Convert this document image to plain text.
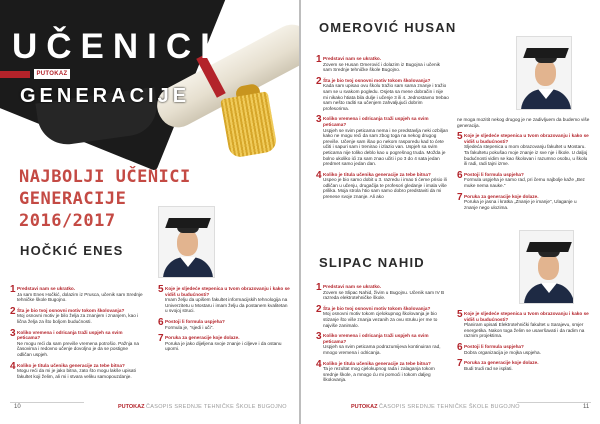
UČENICI
PUTOKAZ
GENERACIJE
NAJBOLJI UČENICI GENERACIJE
2016/2017
HOČKIĆ ENES
1 Predstavi nam se ukratko.
Ja sam Enes Hočkić, dolazim iz Prusca, učenik sam Srednje tehničke škole Bugojno.
2 Šta je bio tvoj osnovni motiv tokom školovanja?
Moj osnovni motiv je bilo želja za znanjem i znanjem, kao i lična želja za što boljom budućnosti.
3 Koliko vremena i odricanja traži uspjeh sa svim peticama?
Ne mogu reći da sam previše vremena potrošio. Pažnja na časovima i redovno učenje dovoljno je da se postigne odličan uspjeh.
4 Koliko je titula učenika generacije za tebe bitna?
Mogu reći da mi je jako bitna, zato što mogu lakše upisati fakultet koji želim, ali mi i stvara veliku samopouzdanje.
5 Koje je sljedeće stepenica u tvom obrazovanju i kako se vidiš u budućnosti?
Imam želju da upišem fakultet informacijskih tehnologija na Univerzitetu u Mostaru i imam želju da postanem kvalitetan u svojoj struci.
6 Postoji li formula uspjeha?
Formula je, "sjedi i uči".
7 Poruka za generacije koje dolaze.
Poruka je jako dijeljena svoje znanje i ciljeve i da ostanu uporni.
10	PUTOKAZ ČASOPIS SREDNJE TEHNIČKE ŠKOLE BUGOJNO
OMEROVIĆ HUSAN
1 Predstavi nam se ukratko.
Zovem se Husan Omerović i dolazim iz Bugojna i učenik sam Srednje tehničke škole Bugojno.
2 Šta je bio tvoj osnovni motiv tokom školovanja?
Kada sam upisao ovu školu tražio sam sama znanje i tražio sam se u svakom pogledu. Osjeta sa mene dobračin i nije mi nikako htiata bila dulje i učenje 3 ili 4. Jednostavno trebao sam nešto raditi sa učenjem zahvaljujući dobrim profesorima.
3 Koliko vremena i odricanja traži uspjeh sa svim peticama?
Uspjeh se svim peticama nema i ne predstavlja neki ozbiljan kako ne mogu reći da sam zbog toga na nekog drugog previše. Učenje sam išao po nekom rasporedu kad to ćete učiti i sapuri sam i trenirao i izlazio van. Uspjeh sa svim peticama nije toliko deblo kao u pogrešnog truda. Možda je bolno ukoliko ići za sam znao učiti i po 3 do 4 sata jedan predmet samo jedan dan.
4 Koliko je titula učenika generacije za tebe bitna?
Uspeo je bio samo dobit u 3. razredu i imao ti ćeme prisio ili odličan u učenju, drugačija te profesori gledanje i imala više prilika. Moja strola htio sam samo dobro predstaviti da mi prenese svoje znanje. Ali ako
ne moga mozitit nekog drugog je ne zadivljuem da budemo više generacija.
5 Koje je sljedeće stepenica u tvom obrazovanju i kako se vidiš u budućnosti?
Sljedeća stepenica u mom obrazovanju fakultet u Mostaru. Ta fakultetu pokušao moje znanje iz sve nje i škole. U daljoj budućnosti vidim se kao školovan i razumno osobu, u školu ili radi, radi tajni izme.
6 Postoji li formula uspjeha?
Formula uspjeha je samo rad, pri čemu najbolje kaže „Bez muke nema nauke.”
7 Poruka za generacije koje dolaze.
Poruka je jasna i kratka „Znanje je imanje”, Ulaganje u znanje nego ulozima.
SLIPAC NAHID
1 Predstavi nam se ukratko.
Zovem se Slipac Nahid, živim u Bugojnu. Učenik sam IV B razreda elektrotehničke škole.
2 Šta je bio tvoj osnovni motiv tokom školovanja?
Moj osnovni motiv tokom cjelokupnog školovanja je bio stizanje što više znanja vezanih za ovu struku jer me to najviše zanimalo.
3 Koliko vremena i odricanja traži uspjeh sa svim peticama?
Uspjeh sa svim peticama podrazumijeva kontinuiran rad, mnogo vremena i odricanja.
4 Koliko je titula učenika generacije za tebe bitna?
Ta je rezultat mog cjelokupnog rada i zalaganja tokom srednje škole, a mnogo ću mi pomoći i tokom daljeg školovanja.
5 Koje je sljedeće stepenica u tvom obrazovanju i kako se vidiš u budućnosti?
Planiram upisati Elektrotehnički fakultet u Sarajevu, smjer energetika. Nakon toga želim se usavršavati i da radim na raznim projektima.
6 Postoji li formula uspjeha?
Dobra organizacija je mojka uspjeha.
7 Poruka za generacije koje dolaze.
Budi trudi rad se isplati.
PUTOKAZ ČASOPIS SREDNJE TEHNIČKE ŠKOLE BUGOJNO	11
